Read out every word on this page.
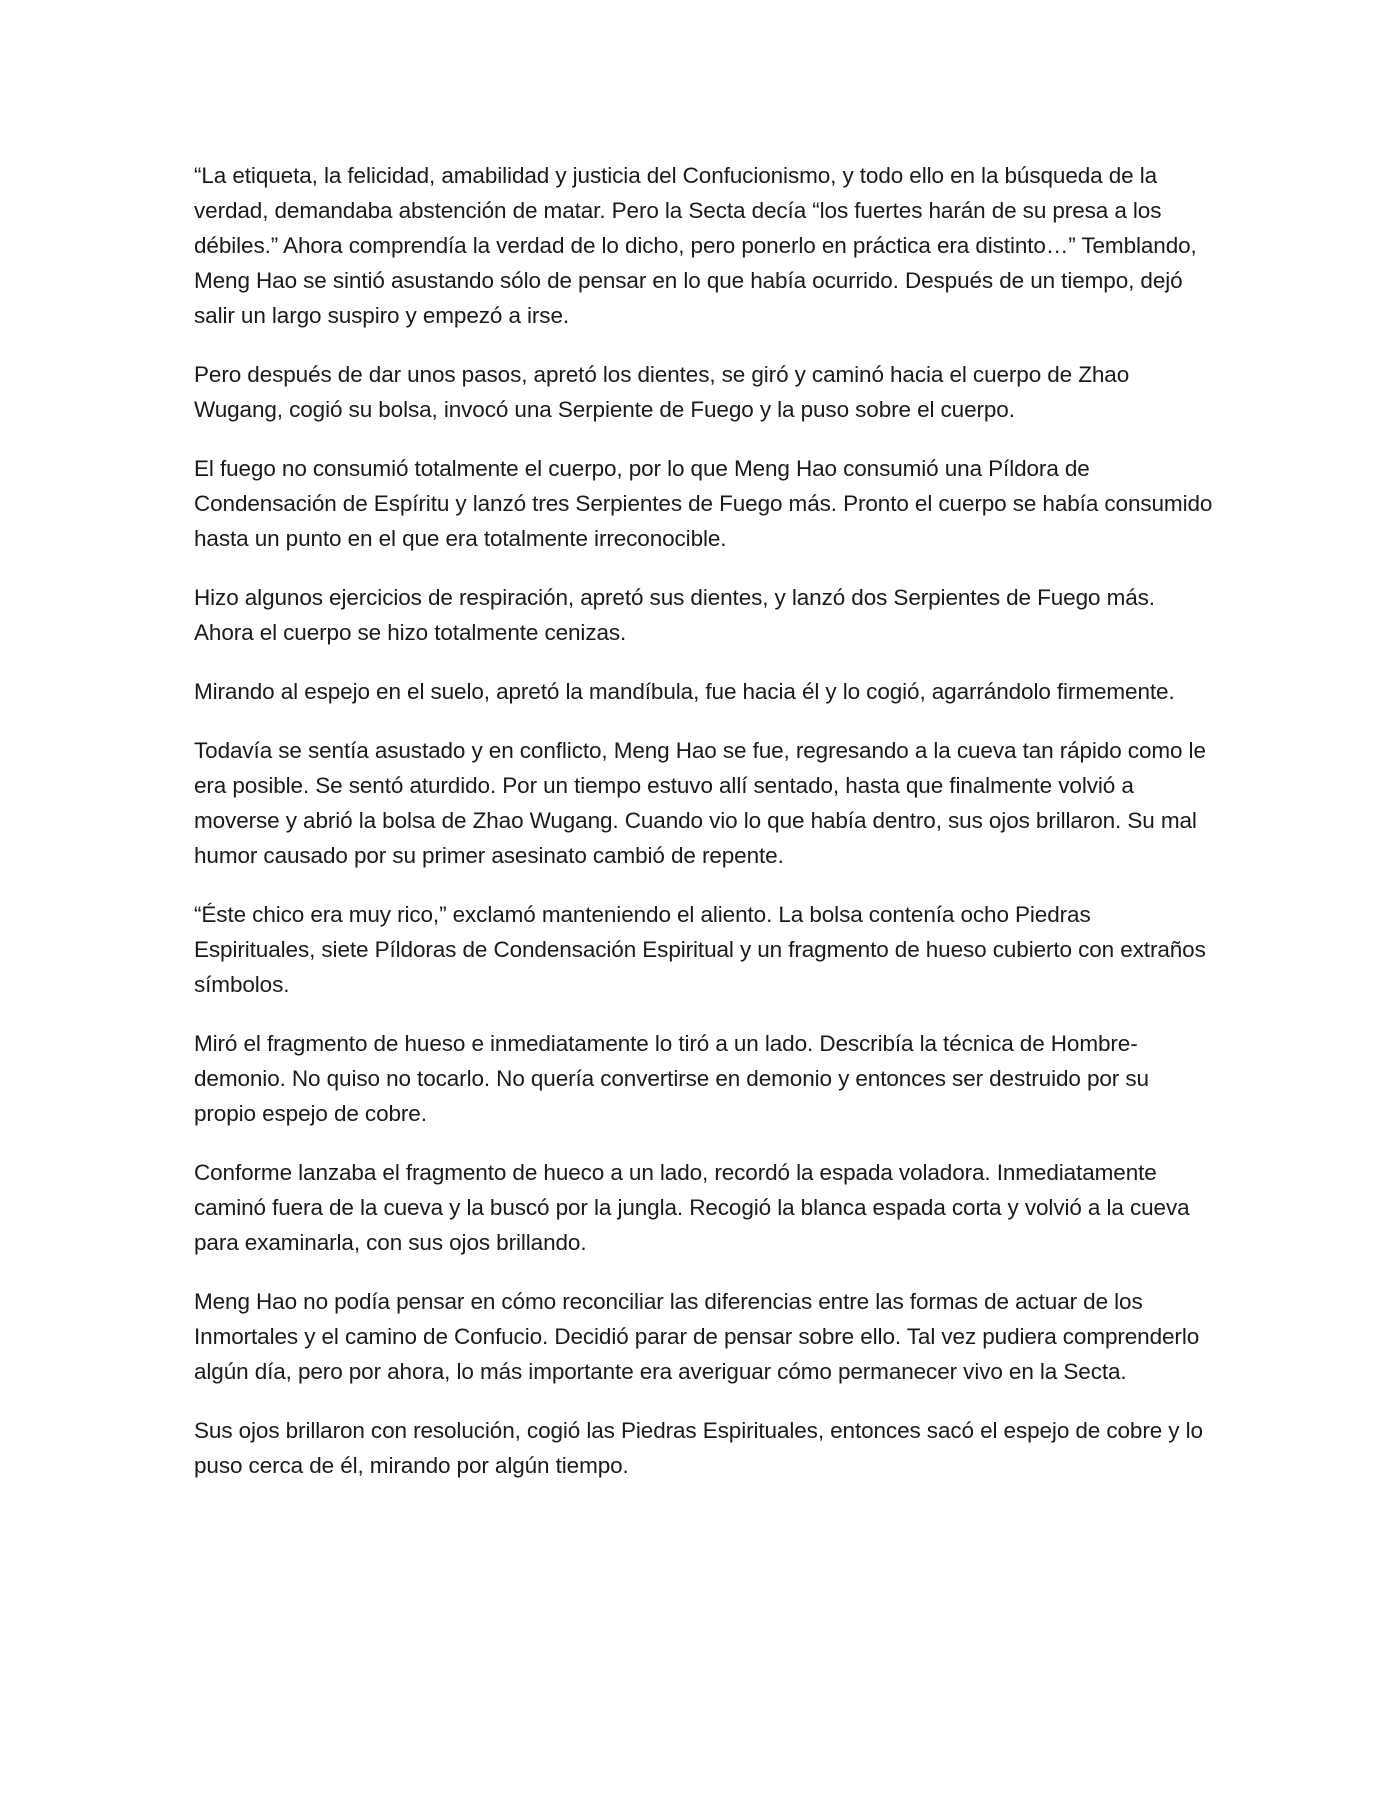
“La etiqueta, la felicidad, amabilidad y justicia del Confucionismo, y todo ello en la búsqueda de la verdad, demandaba abstención de matar. Pero la Secta decía “los fuertes harán de su presa a los débiles.” Ahora comprendía la verdad de lo dicho, pero ponerlo en práctica era distinto…” Temblando, Meng Hao se sintió asustando sólo de pensar en lo que había ocurrido. Después de un tiempo, dejó salir un largo suspiro y empezó a irse.

Pero después de dar unos pasos, apretó los dientes, se giró y caminó hacia el cuerpo de Zhao Wugang, cogió su bolsa, invocó una Serpiente de Fuego y la puso sobre el cuerpo.

El fuego no consumió totalmente el cuerpo, por lo que Meng Hao consumió una Píldora de Condensación de Espíritu y lanzó tres Serpientes de Fuego más. Pronto el cuerpo se había consumido hasta un punto en el que era totalmente irreconocible.

Hizo algunos ejercicios de respiración, apretó sus dientes, y lanzó dos Serpientes de Fuego más. Ahora el cuerpo se hizo totalmente cenizas.

Mirando al espejo en el suelo, apretó la mandíbula, fue hacia él y lo cogió, agarrándolo firmemente.

Todavía se sentía asustado y en conflicto, Meng Hao se fue, regresando a la cueva tan rápido como le era posible. Se sentó aturdido. Por un tiempo estuvo allí sentado, hasta que finalmente volvió a moverse y abrió la bolsa de Zhao Wugang. Cuando vio lo que había dentro, sus ojos brillaron. Su mal humor causado por su primer asesinato cambió de repente.

“Éste chico era muy rico,” exclamó manteniendo el aliento. La bolsa contenía ocho Piedras Espirituales, siete Píldoras de Condensación Espiritual y un fragmento de hueso cubierto con extraños símbolos.

Miró el fragmento de hueso e inmediatamente lo tiró a un lado. Describía la técnica de Hombre-demonio. No quiso no tocarlo. No quería convertirse en demonio y entonces ser destruido por su propio espejo de cobre.

Conforme lanzaba el fragmento de hueco a un lado, recordó la espada voladora. Inmediatamente caminó fuera de la cueva y la buscó por la jungla. Recogió la blanca espada corta y volvió a la cueva para examinarla, con sus ojos brillando.

Meng Hao no podía pensar en cómo reconciliar las diferencias entre las formas de actuar de los Inmortales y el camino de Confucio. Decidió parar de pensar sobre ello. Tal vez pudiera comprenderlo algún día, pero por ahora, lo más importante era averiguar cómo permanecer vivo en la Secta.

Sus ojos brillaron con resolución, cogió las Piedras Espirituales, entonces sacó el espejo de cobre y lo puso cerca de él, mirando por algún tiempo.
